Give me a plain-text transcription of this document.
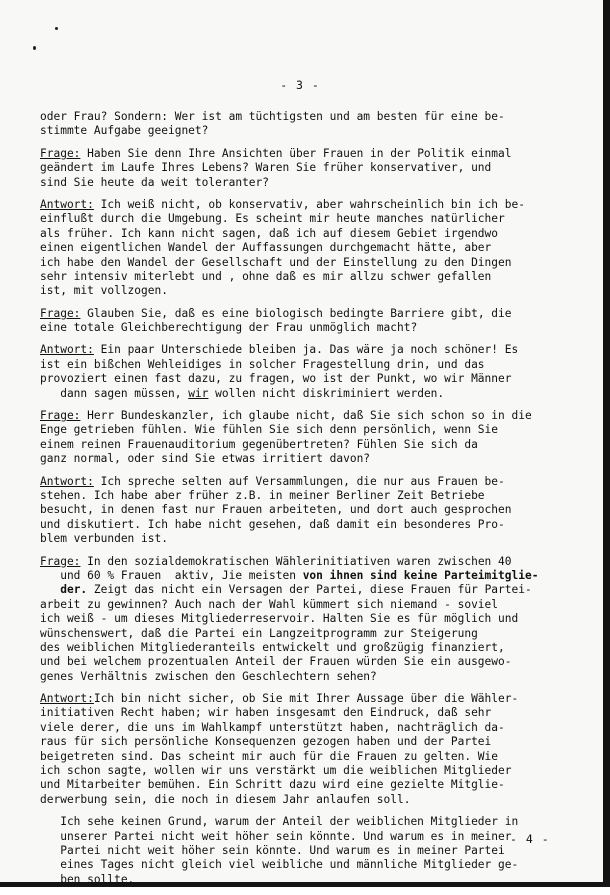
- 3 -
oder Frau? Sondern: Wer ist am tüchtigsten und am besten für eine be-
stimmte Aufgabe geeignet?
Frage: Haben Sie denn Ihre Ansichten über Frauen in der Politik einmal
geändert im Laufe Ihres Lebens? Waren Sie früher konservativer, und
sind Sie heute da weit toleranter?
Antwort: Ich weiß nicht, ob konservativ, aber wahrscheinlich bin ich be-
einflußt durch die Umgebung. Es scheint mir heute manches natürlicher
als früher. Ich kann nicht sagen, daß ich auf diesem Gebiet irgendwo
einen eigentlichen Wandel der Auffassungen durchgemacht hätte, aber
ich habe den Wandel der Gesellschaft und der Einstellung zu den Dingen
sehr intensiv miterlebt und , ohne daß es mir allzu schwer gefallen
ist, mit vollzogen.
Frage: Glauben Sie, daß es eine biologisch bedingte Barriere gibt, die
eine totale Gleichberechtigung der Frau unmöglich macht?
Antwort: Ein paar Unterschiede bleiben ja. Das wäre ja noch schöner! Es
ist ein bißchen Wehleidiges in solcher Fragestellung drin, und das
provoziert einen fast dazu, zu fragen, wo ist der Punkt, wo wir Männer
dann sagen müssen, wir wollen nicht diskriminiert werden.
Frage: Herr Bundeskanzler, ich glaube nicht, daß Sie sich schon so in die
Enge getrieben fühlen. Wie fühlen Sie sich denn persönlich, wenn Sie
einem reinen Frauenauditorium gegenübertreten? Fühlen Sie sich da
ganz normal, oder sind Sie etwas irritiert davon?
Antwort: Ich spreche selten auf Versammlungen, die nur aus Frauen be-
stehen. Ich habe aber früher z.B. in meiner Berliner Zeit Betriebe
besucht, in denen fast nur Frauen arbeiteten, und dort auch gesprochen
und diskutiert. Ich habe nicht gesehen, daß damit ein besonderes Pro-
blem verbunden ist.
Frage: In den sozialdemokratischen Wählerinitiativen waren zwischen 40
und 60 % Frauen  aktiv, Jie meisten von ihnen sind keine Parteimitglie-
der. Zeigt das nicht ein Versagen der Partei, diese Frauen für Partei-
arbeit zu gewinnen? Auch nach der Wahl kümmert sich niemand - soviel
ich weiß - um dieses Mitgliederreservoir. Halten Sie es für möglich und
wünschenswert, daß die Partei ein Langzeitprogramm zur Steigerung
des weiblichen Mitgliederanteils entwickelt und großzügig finanziert,
und bei welchem prozentualen Anteil der Frauen würden Sie ein ausgewo-
genes Verhältnis zwischen den Geschlechtern sehen?
Antwort:Ich bin nicht sicher, ob Sie mit Ihrer Aussage über die Wähler-
initiativen Recht haben; wir haben insgesamt den Eindruck, daß sehr
viele derer, die uns im Wahlkampf unterstützt haben, nachträglich da-
raus für sich persönliche Konsequenzen gezogen haben und der Partei
beigetreten sind. Das scheint mir auch für die Frauen zu gelten. Wie
ich schon sagte, wollen wir uns verstärkt um die weiblichen Mitglieder
und Mitarbeiter bemühen. Ein Schritt dazu wird eine gezielte Mitglie-
derwerbung sein, die noch in diesem Jahr anlaufen soll.
Ich sehe keinen Grund, warum der Anteil der weiblichen Mitglieder in
unserer Partei nicht weit höher sein könnte. Und warum es in meiner
Partei nicht weit höher sein könnte. Und warum es in meiner Partei
eines Tages nicht gleich viel weibliche und männliche Mitglieder ge-
ben sollte.
- 4 -
